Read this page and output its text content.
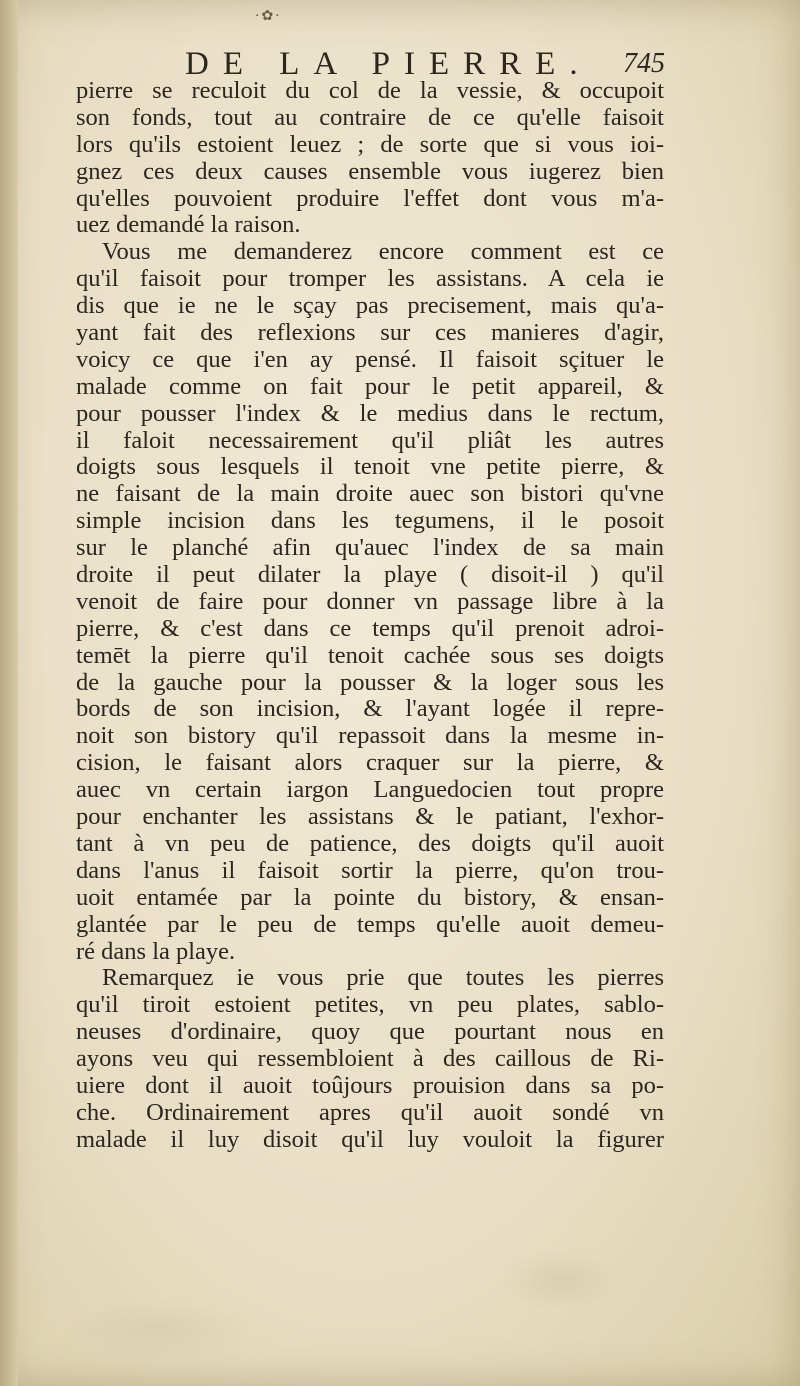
·✿·
DE LA PIERRE. 745
pierre se reculoit du col de la vessie, & occupoit
son fonds, tout au contraire de ce qu'elle faisoit
lors qu'ils estoient leuez ; de sorte que si vous ioi-
gnez ces deux causes ensemble vous iugerez bien
qu'elles pouvoient produire l'effet dont vous m'a-
uez demandé la raison.
Vous me demanderez encore comment est ce
qu'il faisoit pour tromper les assistans. A cela ie
dis que ie ne le sçay pas precisement, mais qu'a-
yant fait des reflexions sur ces manieres d'agir,
voicy ce que i'en ay pensé. Il faisoit sçituer le
malade comme on fait pour le petit appareil, &
pour pousser l'index & le medius dans le rectum,
il faloit necessairement qu'il pliât les autres
doigts sous lesquels il tenoit vne petite pierre, &
ne faisant de la main droite auec son bistori qu'vne
simple incision dans les tegumens, il le posoit
sur le planché afin qu'auec l'index de sa main
droite il peut dilater la playe ( disoit-il ) qu'il
venoit de faire pour donner vn passage libre à la
pierre, & c'est dans ce temps qu'il prenoit adroi-
temēt la pierre qu'il tenoit cachée sous ses doigts
de la gauche pour la pousser & la loger sous les
bords de son incision, & l'ayant logée il repre-
noit son bistory qu'il repassoit dans la mesme in-
cision, le faisant alors craquer sur la pierre, &
auec vn certain iargon Languedocien tout propre
pour enchanter les assistans & le patiant, l'exhor-
tant à vn peu de patience, des doigts qu'il auoit
dans l'anus il faisoit sortir la pierre, qu'on trou-
uoit entamée par la pointe du bistory, & ensan-
glantée par le peu de temps qu'elle auoit demeu-
ré dans la playe.
Remarquez ie vous prie que toutes les pierres
qu'il tiroit estoient petites, vn peu plates, sablo-
neuses d'ordinaire, quoy que pourtant nous en
ayons veu qui ressembloient à des caillous de Ri-
uiere dont il auoit toûjours prouision dans sa po-
che. Ordinairement apres qu'il auoit sondé vn
malade il luy disoit qu'il luy vouloit la figurer
